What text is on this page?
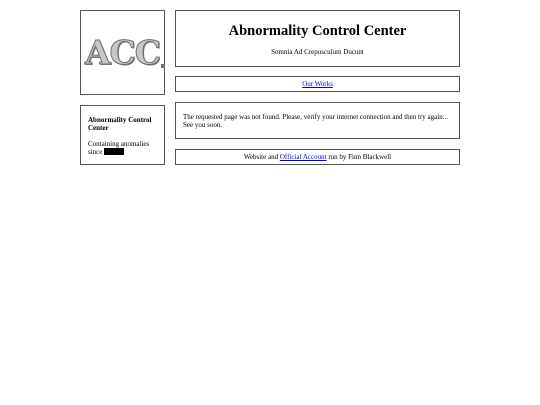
ACC
Abnormality Control Center
Somnia Ad Crepusculum Ducunt
Our Works
Abnormality Control Center
Containing anomalies since
The requested page was not found. Please, verify your internet connection and then try again... See you soon.
Website and Official Account run by Finn Blackwell
